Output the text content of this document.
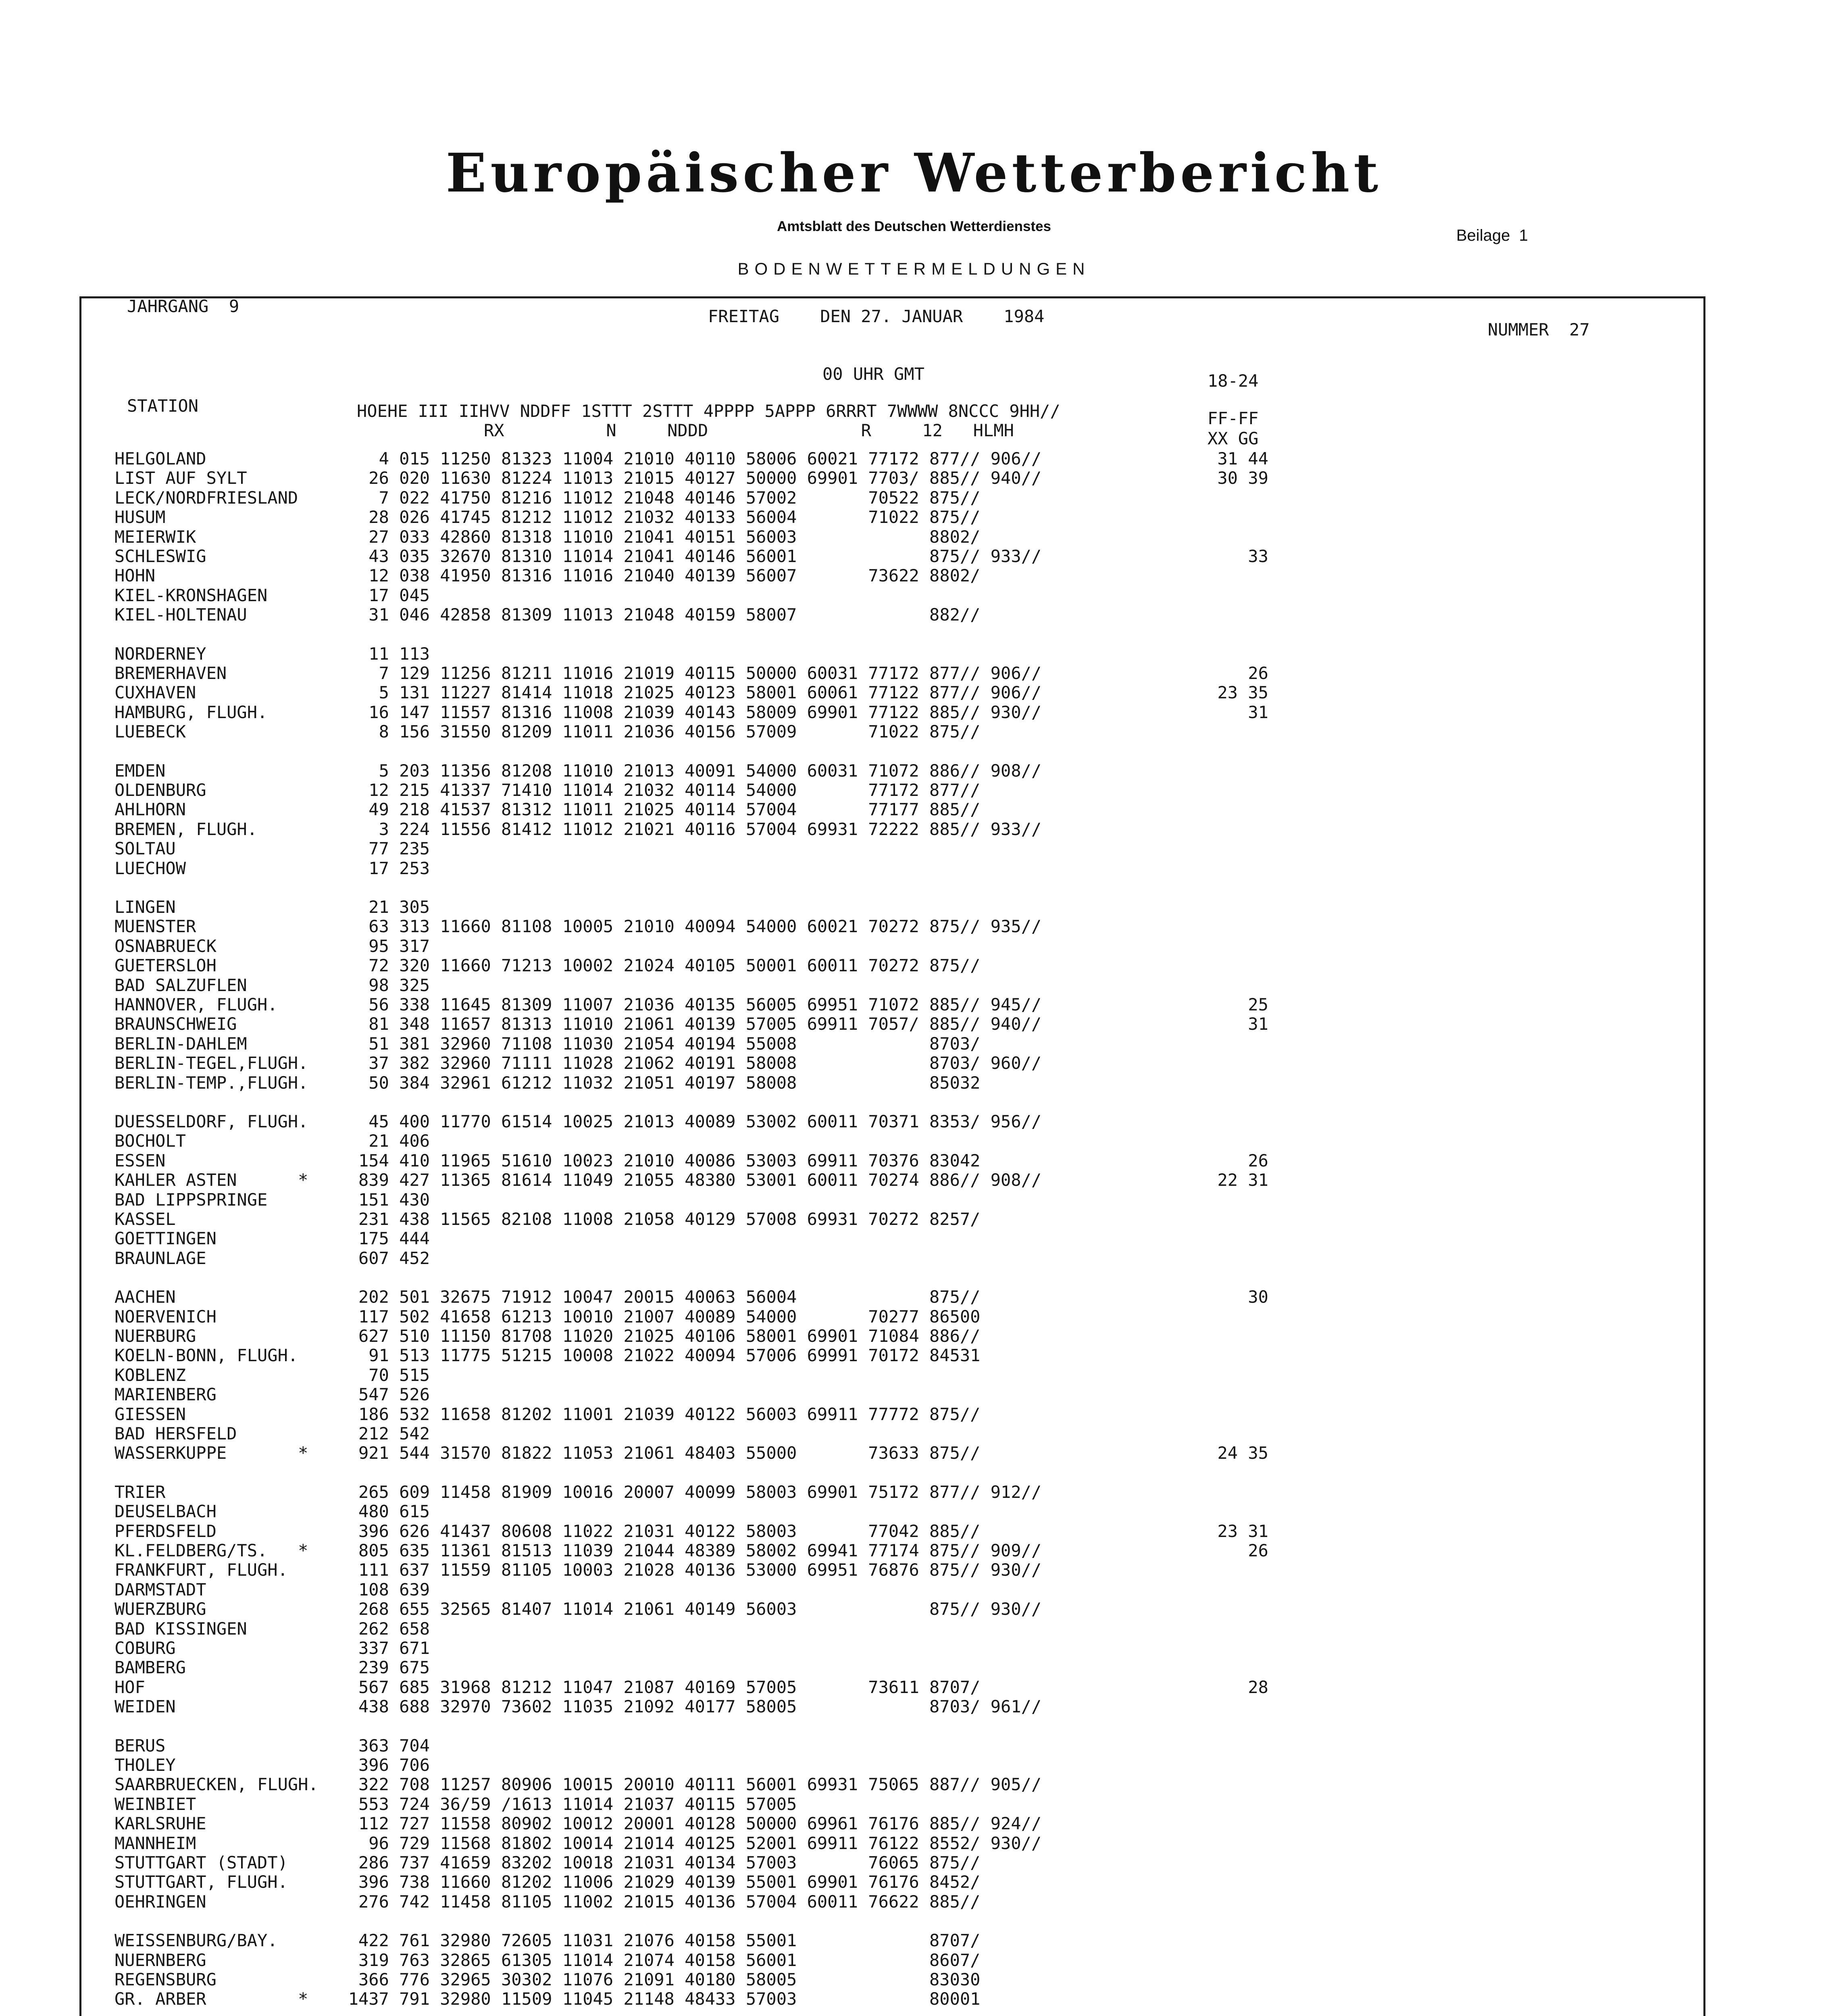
Europäischer Wetterbericht
Amtsblatt des Deutschen Wetterdienstes
Beilage  1
BODENWETTERMELDUNGEN
JAHRGANG  9
FREITAG    DEN 27. JANUAR    1984
NUMMER  27
00 UHR GMT	18-24
STATION	HOEHE III IIHVV NDDFF 1STTT 2STTT 4PPPP 5APPP 6RRRT 7WWWW 8NCCC 9HH//
RX          N     NDDD               R     12   HLMH
FF-FF
XX GG
HELGOLAND	4 015 11250 81323 11004 21010 40110 58006 60021 77172 877// 906//	31 44
LIST AUF SYLT	26 020 11630 81224 11013 21015 40127 50000 69901 7703/ 885// 940//	30 39
LECK/NORDFRIESLAND	7 022 41750 81216 11012 21048 40146 57002       70522 875//
HUSUM	28 026 41745 81212 11012 21032 40133 56004       71022 875//
MEIERWIK	27 033 42860 81318 11010 21041 40151 56003             8802/
SCHLESWIG	43 035 32670 81310 11014 21041 40146 56001             875// 933//	33
HOHN	12 038 41950 81316 11016 21040 40139 56007       73622 8802/
KIEL-KRONSHAGEN	17 045
KIEL-HOLTENAU	31 046 42858 81309 11013 21048 40159 58007             882//
NORDERNEY	11 113
BREMERHAVEN	7 129 11256 81211 11016 21019 40115 50000 60031 77172 877// 906//	26
CUXHAVEN	5 131 11227 81414 11018 21025 40123 58001 60061 77122 877// 906//	23 35
HAMBURG, FLUGH.	16 147 11557 81316 11008 21039 40143 58009 69901 77122 885// 930//	31
LUEBECK	8 156 31550 81209 11011 21036 40156 57009       71022 875//
EMDEN	5 203 11356 81208 11010 21013 40091 54000 60031 71072 886// 908//
OLDENBURG	12 215 41337 71410 11014 21032 40114 54000       77172 877//
AHLHORN	49 218 41537 81312 11011 21025 40114 57004       77177 885//
BREMEN, FLUGH.	3 224 11556 81412 11012 21021 40116 57004 69931 72222 885// 933//
SOLTAU	77 235
LUECHOW	17 253
LINGEN	21 305
MUENSTER	63 313 11660 81108 10005 21010 40094 54000 60021 70272 875// 935//
OSNABRUECK	95 317
GUETERSLOH	72 320 11660 71213 10002 21024 40105 50001 60011 70272 875//
BAD SALZUFLEN	98 325
HANNOVER, FLUGH.	56 338 11645 81309 11007 21036 40135 56005 69951 71072 885// 945//	25
BRAUNSCHWEIG	81 348 11657 81313 11010 21061 40139 57005 69911 7057/ 885// 940//	31
BERLIN-DAHLEM	51 381 32960 71108 11030 21054 40194 55008             8703/
BERLIN-TEGEL,FLUGH.	37 382 32960 71111 11028 21062 40191 58008             8703/ 960//
BERLIN-TEMP.,FLUGH.	50 384 32961 61212 11032 21051 40197 58008             85032
DUESSELDORF, FLUGH.	45 400 11770 61514 10025 21013 40089 53002 60011 70371 8353/ 956//
BOCHOLT	21 406
ESSEN	154 410 11965 51610 10023 21010 40086 53003 69911 70376 83042	26
KAHLER ASTEN      *	839 427 11365 81614 11049 21055 48380 53001 60011 70274 886// 908//	22 31
BAD LIPPSPRINGE	151 430
KASSEL	231 438 11565 82108 11008 21058 40129 57008 69931 70272 8257/
GOETTINGEN	175 444
BRAUNLAGE	607 452
AACHEN	202 501 32675 71912 10047 20015 40063 56004             875//	30
NOERVENICH	117 502 41658 61213 10010 21007 40089 54000       70277 86500
NUERBURG	627 510 11150 81708 11020 21025 40106 58001 69901 71084 886//
KOELN-BONN, FLUGH.	91 513 11775 51215 10008 21022 40094 57006 69991 70172 84531
KOBLENZ	70 515
MARIENBERG	547 526
GIESSEN	186 532 11658 81202 11001 21039 40122 56003 69911 77772 875//
BAD HERSFELD	212 542
WASSERKUPPE       *	921 544 31570 81822 11053 21061 48403 55000       73633 875//	24 35
TRIER	265 609 11458 81909 10016 20007 40099 58003 69901 75172 877// 912//
DEUSELBACH	480 615
PFERDSFELD	396 626 41437 80608 11022 21031 40122 58003       77042 885//	23 31
KL.FELDBERG/TS.   *	805 635 11361 81513 11039 21044 48389 58002 69941 77174 875// 909//	26
FRANKFURT, FLUGH.	111 637 11559 81105 10003 21028 40136 53000 69951 76876 875// 930//
DARMSTADT	108 639
WUERZBURG	268 655 32565 81407 11014 21061 40149 56003             875// 930//
BAD KISSINGEN	262 658
COBURG	337 671
BAMBERG	239 675
HOF	567 685 31968 81212 11047 21087 40169 57005       73611 8707/	28
WEIDEN	438 688 32970 73602 11035 21092 40177 58005             8703/ 961//
BERUS	363 704
THOLEY	396 706
SAARBRUECKEN, FLUGH. 322 708 11257 80906 10015 20010 40111 56001 69931 75065 887// 905//
WEINBIET	553 724 36/59 /1613 11014 21037 40115 57005
KARLSRUHE	112 727 11558 80902 10012 20001 40128 50000 69961 76176 885// 924//
MANNHEIM	96 729 11568 81802 10014 21014 40125 52001 69911 76122 8552/ 930//
STUTTGART (STADT)	286 737 41659 83202 10018 21031 40134 57003       76065 875//
STUTTGART, FLUGH.	396 738 11660 81202 11006 21029 40139 55001 69901 76176 8452/
OEHRINGEN	276 742 11458 81105 11002 21015 40136 57004 60011 76622 885//
WEISSENBURG/BAY.	422 761 32980 72605 11031 21076 40158 55001             8707/
NUERNBERG	319 763 32865 61305 11014 21074 40158 56001             8607/
REGENSBURG	366 776 32965 30302 11076 21091 40180 58005             83030
GR. ARBER         * 1437 791 32980 11509 11045 21148 48433 57003             80001
